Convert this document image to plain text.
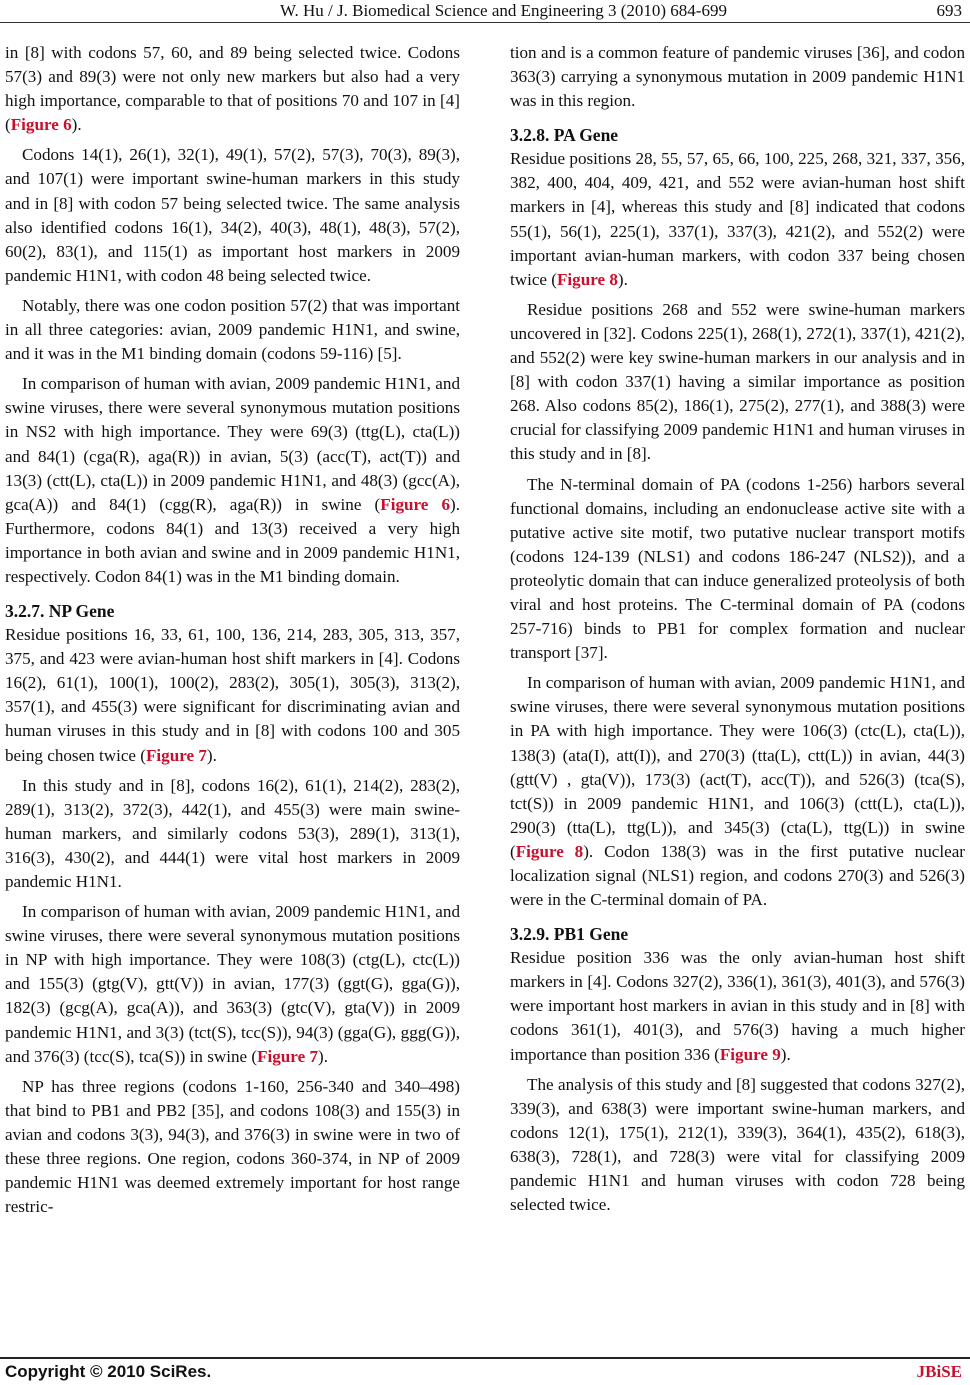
W. Hu / J. Biomedical Science and Engineering 3 (2010) 684-699	693

in [8] with codons 57, 60, and 89 being selected twice. Codons 57(3) and 89(3) were not only new markers but also had a very high importance, comparable to that of positions 70 and 107 in [4] (Figure 6).

Codons 14(1), 26(1), 32(1), 49(1), 57(2), 57(3), 70(3), 89(3), and 107(1) were important swine-human markers in this study and in [8] with codon 57 being selected twice. The same analysis also identified codons 16(1), 34(2), 40(3), 48(1), 48(3), 57(2), 60(2), 83(1), and 115(1) as important host markers in 2009 pandemic H1N1, with codon 48 being selected twice.

Notably, there was one codon position 57(2) that was important in all three categories: avian, 2009 pandemic H1N1, and swine, and it was in the M1 binding domain (codons 59-116) [5].

In comparison of human with avian, 2009 pandemic H1N1, and swine viruses, there were several synonymous mutation positions in NS2 with high importance. They were 69(3) (ttg(L), cta(L)) and 84(1) (cga(R), aga(R)) in avian, 5(3) (acc(T), act(T)) and 13(3) (ctt(L), cta(L)) in 2009 pandemic H1N1, and 48(3) (gcc(A), gca(A)) and 84(1) (cgg(R), aga(R)) in swine (Figure 6). Furthermore, codons 84(1) and 13(3) received a very high importance in both avian and swine and in 2009 pandemic H1N1, respectively. Codon 84(1) was in the M1 binding domain.

3.2.7. NP Gene

Residue positions 16, 33, 61, 100, 136, 214, 283, 305, 313, 357, 375, and 423 were avian-human host shift markers in [4]. Codons 16(2), 61(1), 100(1), 100(2), 283(2), 305(1), 305(3), 313(2), 357(1), and 455(3) were significant for discriminating avian and human viruses in this study and in [8] with codons 100 and 305 being chosen twice (Figure 7).

In this study and in [8], codons 16(2), 61(1), 214(2), 283(2), 289(1), 313(2), 372(3), 442(1), and 455(3) were main swine-human markers, and similarly codons 53(3), 289(1), 313(1), 316(3), 430(2), and 444(1) were vital host markers in 2009 pandemic H1N1.

In comparison of human with avian, 2009 pandemic H1N1, and swine viruses, there were several synonymous mutation positions in NP with high importance. They were 108(3) (ctg(L), ctc(L)) and 155(3) (gtg(V), gtt(V)) in avian, 177(3) (ggt(G), gga(G)), 182(3) (gcg(A), gca(A)), and 363(3) (gtc(V), gta(V)) in 2009 pandemic H1N1, and 3(3) (tct(S), tcc(S)), 94(3) (gga(G), ggg(G)), and 376(3) (tcc(S), tca(S)) in swine (Figure 7).

NP has three regions (codons 1-160, 256-340 and 340–498) that bind to PB1 and PB2 [35], and codons 108(3) and 155(3) in avian and codons 3(3), 94(3), and 376(3) in swine were in two of these three regions. One region, codons 360-374, in NP of 2009 pandemic H1N1 was deemed extremely important for host range restric-

tion and is a common feature of pandemic viruses [36], and codon 363(3) carrying a synonymous mutation in 2009 pandemic H1N1 was in this region.

3.2.8. PA Gene

Residue positions 28, 55, 57, 65, 66, 100, 225, 268, 321, 337, 356, 382, 400, 404, 409, 421, and 552 were avian-human host shift markers in [4], whereas this study and [8] indicated that codons 55(1), 56(1), 225(1), 337(1), 337(3), 421(2), and 552(2) were important avian-human markers, with codon 337 being chosen twice (Figure 8).

Residue positions 268 and 552 were swine-human markers uncovered in [32]. Codons 225(1), 268(1), 272(1), 337(1), 421(2), and 552(2) were key swine-human markers in our analysis and in [8] with codon 337(1) having a similar importance as position 268. Also codons 85(2), 186(1), 275(2), 277(1), and 388(3) were crucial for classifying 2009 pandemic H1N1 and human viruses in this study and in [8].

The N-terminal domain of PA (codons 1-256) harbors several functional domains, including an endonuclease active site with a putative active site motif, two putative nuclear transport motifs (codons 124-139 (NLS1) and codons 186-247 (NLS2)), and a proteolytic domain that can induce generalized proteolysis of both viral and host proteins. The C-terminal domain of PA (codons 257-716) binds to PB1 for complex formation and nuclear transport [37].

In comparison of human with avian, 2009 pandemic H1N1, and swine viruses, there were several synonymous mutation positions in PA with high importance. They were 106(3) (ctc(L), cta(L)), 138(3) (ata(I), att(I)), and 270(3) (tta(L), ctt(L)) in avian, 44(3) (gtt(V) , gta(V)), 173(3) (act(T), acc(T)), and 526(3) (tca(S), tct(S)) in 2009 pandemic H1N1, and 106(3) (ctt(L), cta(L)), 290(3) (tta(L), ttg(L)), and 345(3) (cta(L), ttg(L)) in swine (Figure 8). Codon 138(3) was in the first putative nuclear localization signal (NLS1) region, and codons 270(3) and 526(3) were in the C-terminal domain of PA.

3.2.9. PB1 Gene

Residue position 336 was the only avian-human host shift markers in [4]. Codons 327(2), 336(1), 361(3), 401(3), and 576(3) were important host markers in avian in this study and in [8] with codons 361(1), 401(3), and 576(3) having a much higher importance than position 336 (Figure 9).

The analysis of this study and [8] suggested that codons 327(2), 339(3), and 638(3) were important swine-human markers, and codons 12(1), 175(1), 212(1), 339(3), 364(1), 435(2), 618(3), 638(3), 728(1), and 728(3) were vital for classifying 2009 pandemic H1N1 and human viruses with codon 728 being selected twice.

Copyright © 2010 SciRes.	JBiSE
